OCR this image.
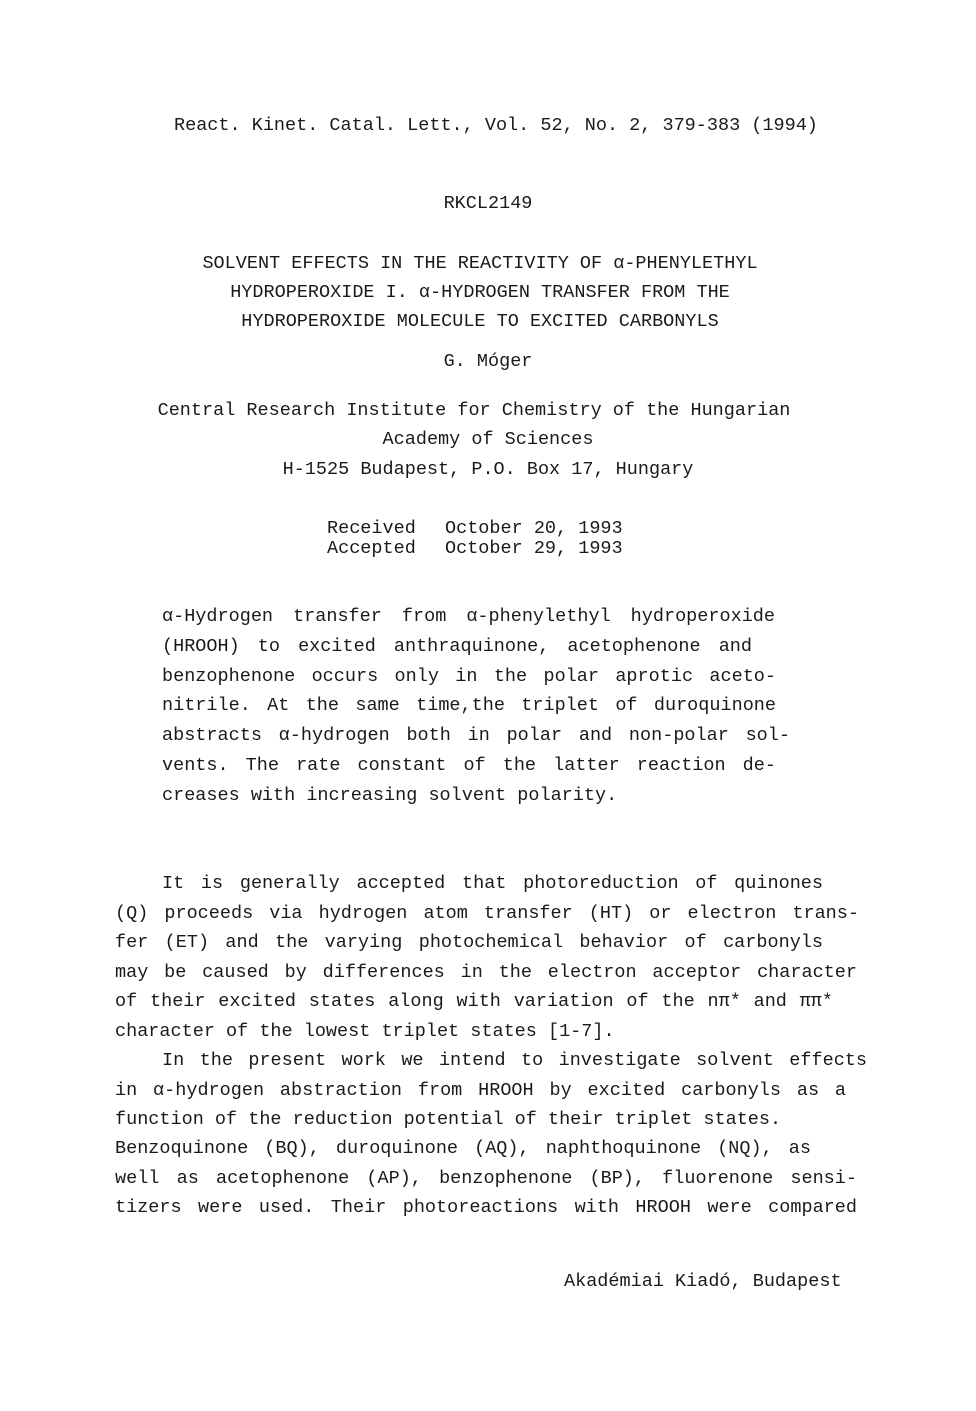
React. Kinet. Catal. Lett., Vol. 52, No. 2, 379-383 (1994)
RKCL2149
SOLVENT EFFECTS IN THE REACTIVITY OF α-PHENYLETHYL
HYDROPEROXIDE I. α-HYDROGEN TRANSFER FROM THE
HYDROPEROXIDE MOLECULE TO EXCITED CARBONYLS
G. Móger
Central Research Institute for Chemistry of the Hungarian
Academy of Sciences
H-1525 Budapest, P.O. Box 17, Hungary
Received October 20, 1993
Accepted October 29, 1993
α-Hydrogen transfer from α-phenylethyl hydroperoxide
(HROOH) to excited anthraquinone, acetophenone and
benzophenone occurs only in the polar aprotic aceto-
nitrile. At the same time,the triplet of duroquinone
abstracts α-hydrogen both in polar and non-polar sol-
vents. The rate constant of the latter reaction de-
creases with increasing solvent polarity.
It is generally accepted that photoreduction of quinones
(Q) proceeds via hydrogen atom transfer (HT) or electron trans-
fer (ET) and the varying photochemical behavior of carbonyls
may be caused by differences in the electron acceptor character
of their excited states along with variation of the nπ* and ππ*
character of the lowest triplet states [1-7].
In the present work we intend to investigate solvent effects
in α-hydrogen abstraction from HROOH by excited carbonyls as a
function of the reduction potential of their triplet states.
Benzoquinone (BQ), duroquinone (AQ), naphthoquinone (NQ), as
well as acetophenone (AP), benzophenone (BP), fluorenone sensi-
tizers were used. Their photoreactions with HROOH were compared
Akadémiai Kiadó, Budapest
